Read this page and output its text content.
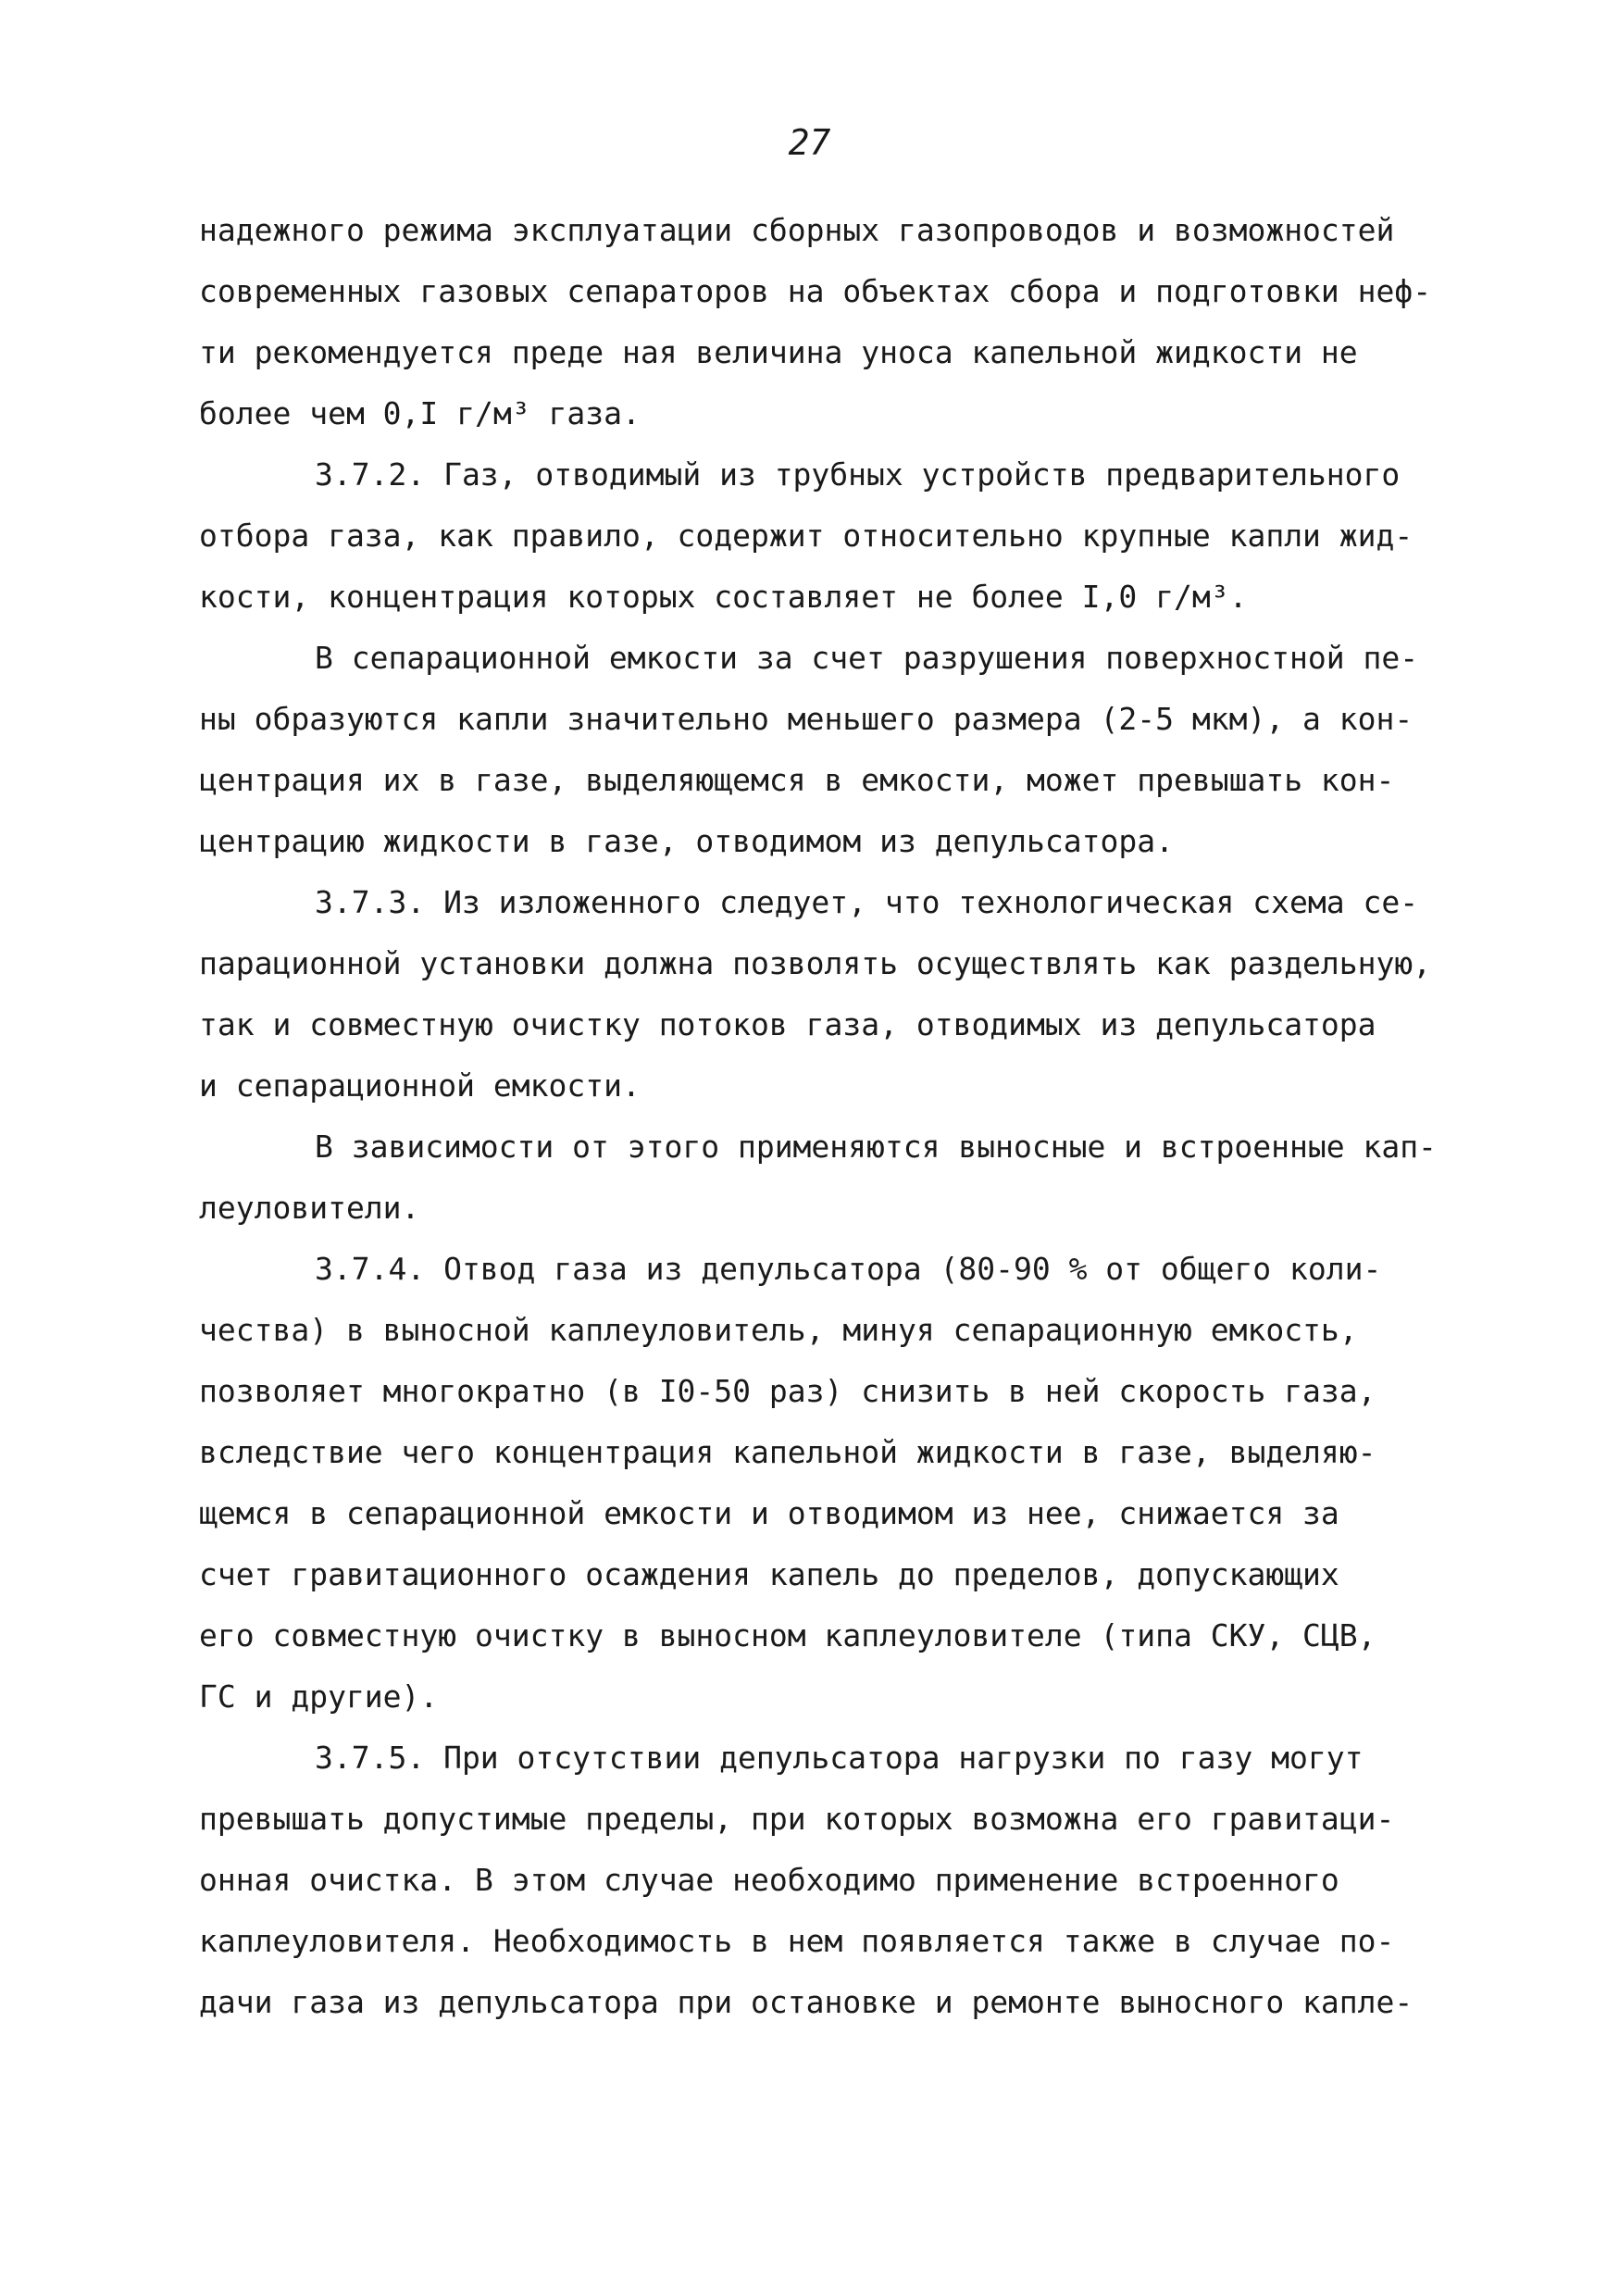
27
надежного режима эксплуатации сборных газопроводов и возможностей
современных газовых сепараторов на объектах сбора и подготовки неф-
ти рекомендуется преде ная величина уноса капельной жидкости не
более чем 0,I г/м³ газа.
3.7.2. Газ, отводимый из трубных устройств предварительного
отбора газа, как правило, содержит относительно крупные капли жид-
кости, концентрация которых составляет не более I,0 г/м³.
В сепарационной емкости за счет разрушения поверхностной пе-
ны образуются капли значительно меньшего размера (2-5 мкм), а кон-
центрация их в газе, выделяющемся в емкости, может превышать кон-
центрацию жидкости в газе, отводимом из депульсатора.
3.7.3. Из изложенного следует, что технологическая схема се-
парационной установки должна позволять осуществлять как раздельную,
так и совместную очистку потоков газа, отводимых из депульсатора
и сепарационной емкости.
В зависимости от этого применяются выносные и встроенные кап-
леуловители.
3.7.4. Отвод газа из депульсатора (80-90 % от общего коли-
чества) в выносной каплеуловитель, минуя сепарационную емкость,
позволяет многократно (в I0-50 раз) снизить в ней скорость газа,
вследствие чего концентрация капельной жидкости в газе, выделяю-
щемся в сепарационной емкости и отводимом из нее, снижается за
счет гравитационного осаждения капель до пределов, допускающих
его совместную очистку в выносном каплеуловителе (типа СКУ, СЦВ,
ГС и другие).
3.7.5. При отсутствии депульсатора нагрузки по газу могут
превышать допустимые пределы, при которых возможна его гравитаци-
онная очистка. В этом случае необходимо применение встроенного
каплеуловителя. Необходимость в нем появляется также в случае по-
дачи газа из депульсатора при остановке и ремонте выносного капле-
